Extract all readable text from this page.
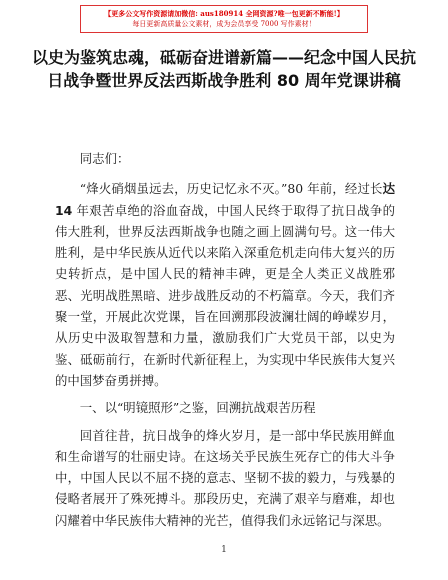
【更多公文写作资源请加微信: aus180914 全网资源?唯一包更新不断能!】
每日更新高质量公文素材，成为会员享受 7000 写作素材！
以史为鉴筑忠魂，砥砺奋进谱新篇——纪念中国人民抗日战争暨世界反法西斯战争胜利 80 周年党课讲稿

同志们：

“烽火硝烟虽远去，历史记忆永不灭。”80 年前，经过长达 14 年艰苦卓绝的浴血奋战，中国人民终于取得了抗日战争的伟大胜利，世界反法西斯战争也随之画上圆满句号。这一伟大胜利，是中华民族从近代以来陷入深重危机走向伟大复兴的历史转折点，是中国人民的精神丰碑，更是全人类正义战胜邪恶、光明战胜黑暗、进步战胜反动的不朽篇章。今天，我们齐聚一堂，开展此次党课，旨在回溯那段波澜壮阔的峥嵘岁月，从历史中汲取智慧和力量，激励我们广大党员干部，以史为鉴、砥砺前行，在新时代新征程上，为实现中华民族伟大复兴的中国梦奋勇拼搏。

一、以“明镜照形”之鉴，回溯抗战艰苦历程

回首往昔，抗日战争的烽火岁月，是一部中华民族用鲜血和生命谱写的壮丽史诗。在这场关乎民族生死存亡的伟大斗争中，中国人民以不屈不挠的意志、坚韧不拔的毅力，与残暴的侵略者展开了殊死搏斗。那段历史，充满了艰辛与磨难，却也闪耀着中华民族伟大精神的光芒，值得我们永远铭记与深思。

1
